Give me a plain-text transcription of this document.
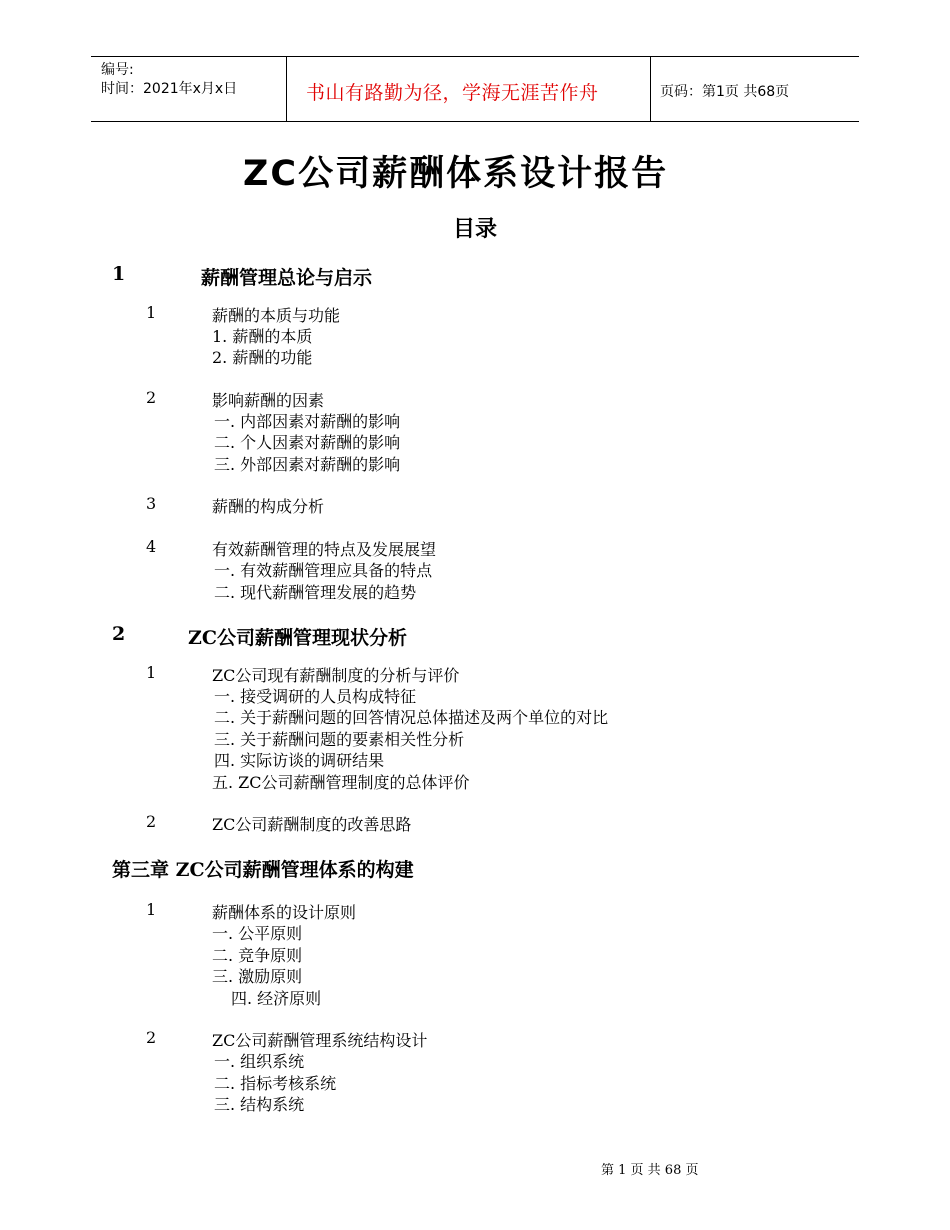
编号:
时间：2021年x月x日	书山有路勤为径，学海无涯苦作舟	页码：第1页 共68页
ZC公司薪酬体系设计报告
目录
1	薪酬管理总论与启示
1	薪酬的本质与功能
1. 薪酬的本质
2. 薪酬的功能
2	影响薪酬的因素
一. 内部因素对薪酬的影响
二. 个人因素对薪酬的影响
三. 外部因素对薪酬的影响
3	薪酬的构成分析
4	有效薪酬管理的特点及发展展望
一. 有效薪酬管理应具备的特点
二. 现代薪酬管理发展的趋势
2	ZC公司薪酬管理现状分析
1	ZC公司现有薪酬制度的分析与评价
一. 接受调研的人员构成特征
二. 关于薪酬问题的回答情况总体描述及两个单位的对比
三. 关于薪酬问题的要素相关性分析
四. 实际访谈的调研结果
五. ZC公司薪酬管理制度的总体评价
2	ZC公司薪酬制度的改善思路
第三章 ZC公司薪酬管理体系的构建
1	薪酬体系的设计原则
一. 公平原则
二. 竞争原则
三. 激励原则
四. 经济原则
2	ZC公司薪酬管理系统结构设计
一. 组织系统
二. 指标考核系统
三. 结构系统
第 1 页 共 68 页
